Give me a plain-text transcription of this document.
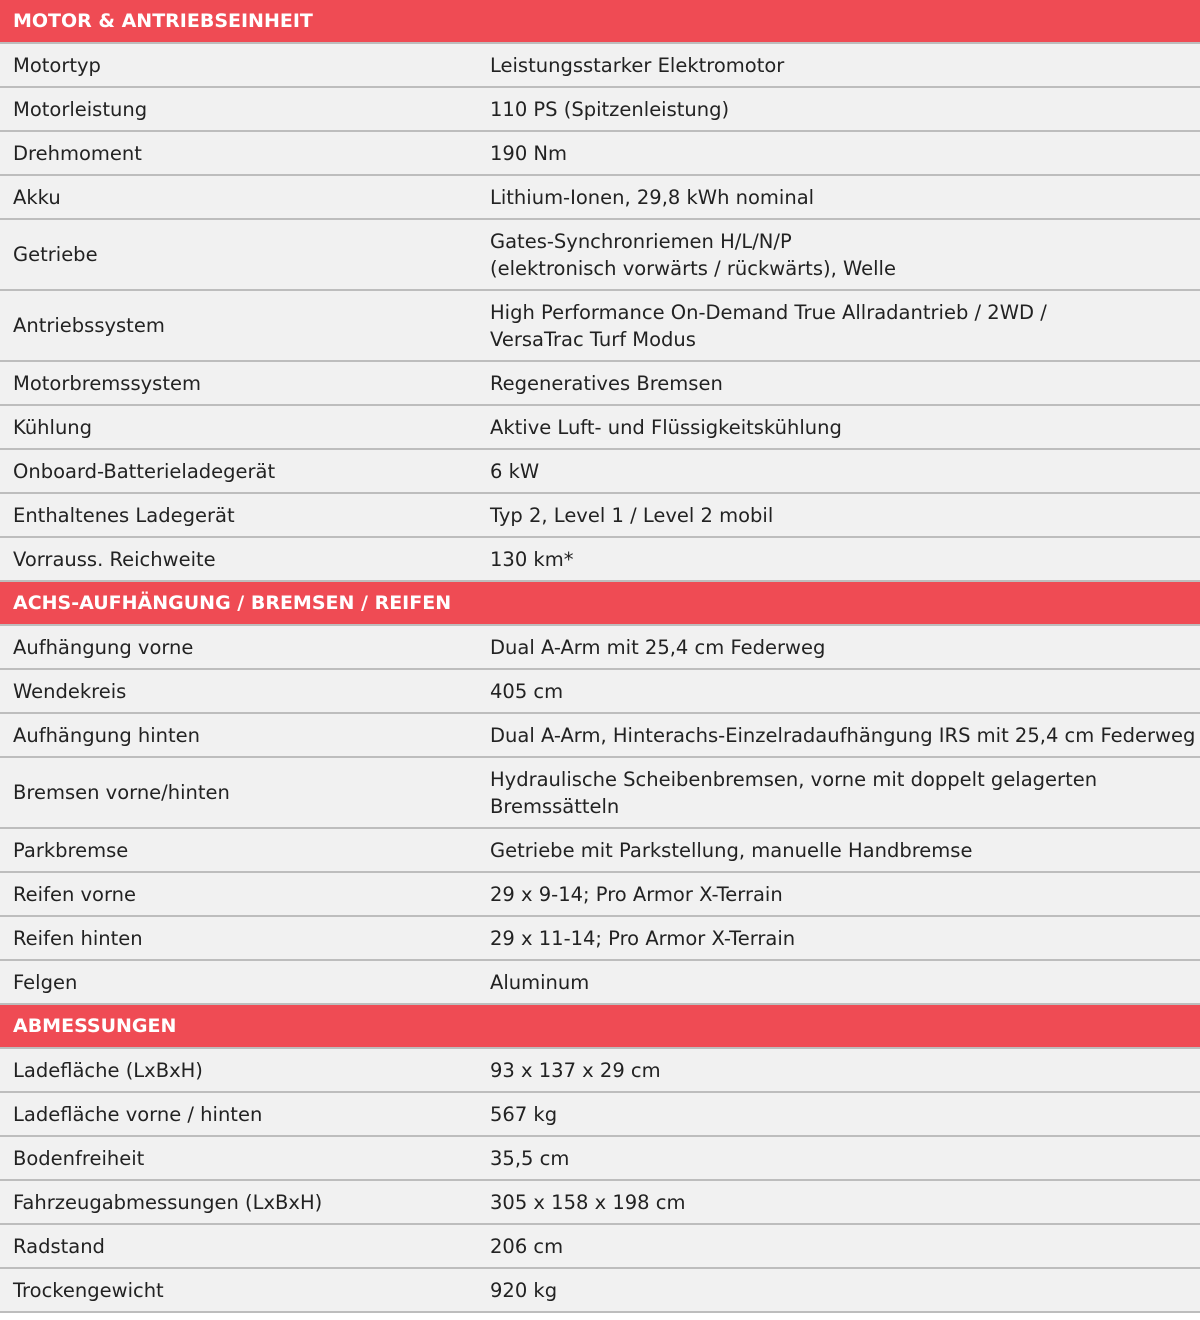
MOTOR & ANTRIEBSEINHEIT	
Motortyp	Leistungsstarker Elektromotor

Motorleistung	110 PS (Spitzenleistung)

Drehmoment	190 Nm

Akku	Lithium-Ionen, 29,8 kWh nominal

Getriebe	Gates-Synchronriemen H/L/N/P
(elektronisch vorwärts / rückwärts), Welle

Antriebssystem	High Performance On-Demand True Allradantrieb / 2WD /
VersaTrac Turf Modus

Motorbremssystem	Regeneratives Bremsen

Kühlung	Aktive Luft- und Flüssigkeitskühlung

Onboard-Batterieladegerät	6 kW

Enthaltenes Ladegerät	Typ 2, Level 1 / Level 2 mobil

Vorrauss. Reichweite	130 km*

ACHS-AUFHÄNGUNG / BREMSEN / REIFEN	
Aufhängung vorne	Dual A-Arm mit 25,4 cm Federweg

Wendekreis	405 cm

Aufhängung hinten	Dual A-Arm, Hinterachs-Einzelradaufhängung IRS mit 25,4 cm Federweg

Bremsen vorne/hinten	Hydraulische Scheibenbremsen, vorne mit doppelt gelagerten
Bremssätteln

Parkbremse	Getriebe mit Parkstellung, manuelle Handbremse

Reifen vorne	29 x 9-14; Pro Armor X-Terrain

Reifen hinten	29 x 11-14; Pro Armor X-Terrain

Felgen	Aluminum

ABMESSUNGEN	
Ladefläche (LxBxH)	93 x 137 x 29 cm

Ladefläche vorne / hinten	567 kg

Bodenfreiheit	35,5 cm

Fahrzeugabmessungen (LxBxH)	305 x 158 x 198 cm

Radstand	206 cm

Trockengewicht	920 kg
